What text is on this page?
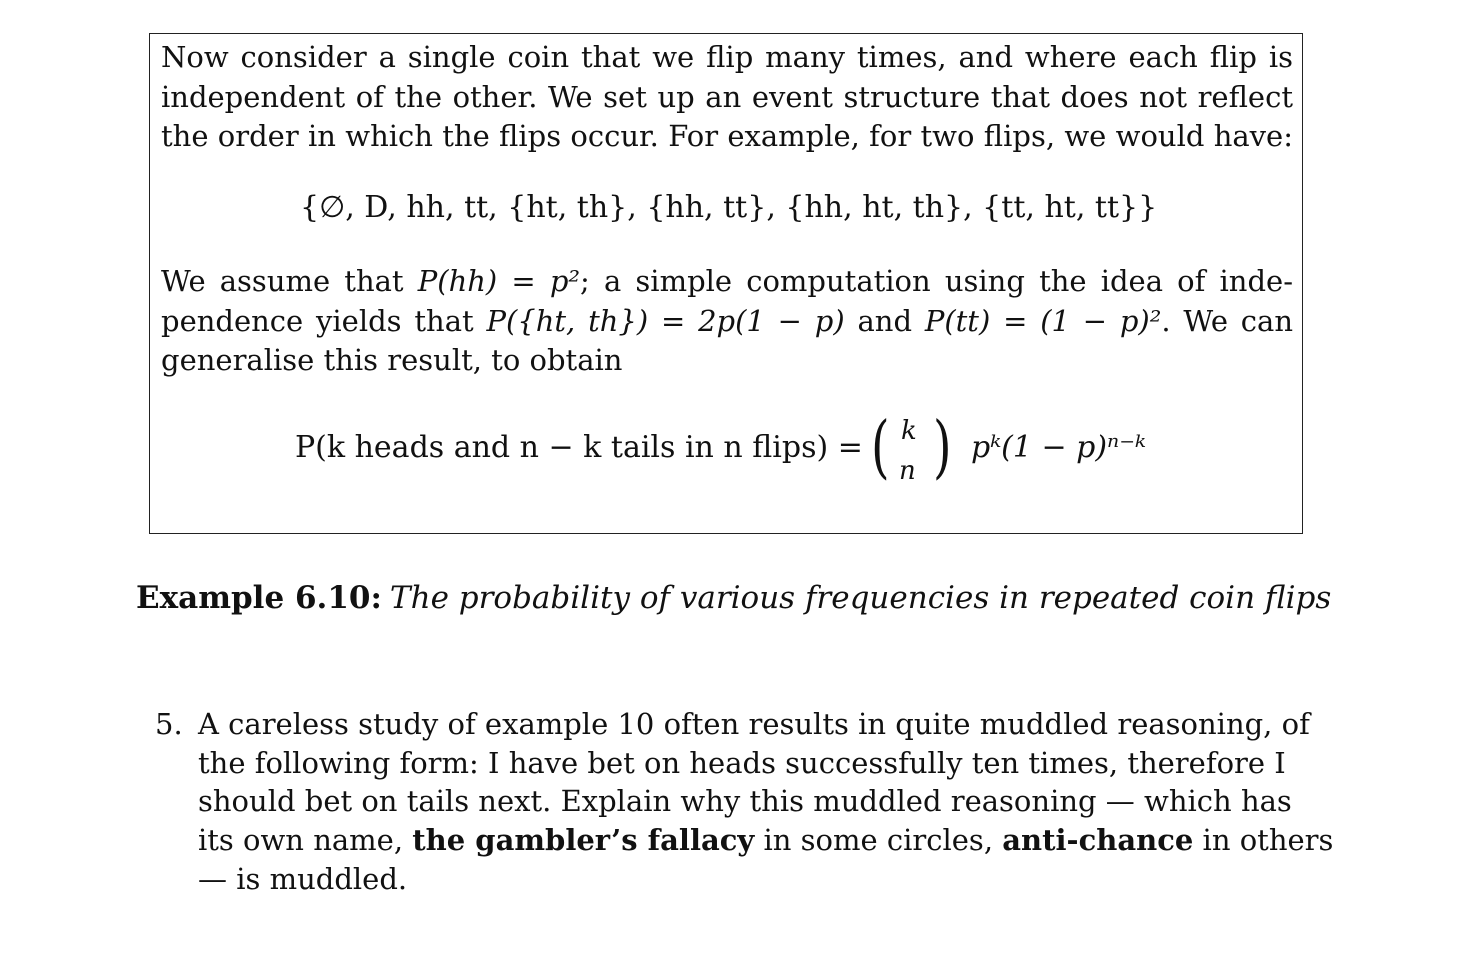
Now consider a single coin that we flip many times, and where each flip is
independent of the other. We set up an event structure that does not reflect
the order in which the flips occur. For example, for two flips, we would have:

{∅, D, hh, tt, {ht, th}, {hh, tt}, {hh, ht, th}, {tt, ht, tt}}

We assume that P(hh) = p²; a simple computation using the idea of inde-
pendence yields that P({ht, th}) = 2p(1 − p) and P(tt) = (1 − p)². We can
generalise this result, to obtain

P(k heads and n − k tails in n flips) = ( k
n ) pᵏ(1 − p)ⁿ⁻ᵏ
Example 6.10: The probability of various frequencies in repeated coin flips
5. A careless study of example 10 often results in quite muddled reasoning, of
the following form: I have bet on heads successfully ten times, therefore I
should bet on tails next. Explain why this muddled reasoning — which has
its own name, the gambler’s fallacy in some circles, anti-chance in others
— is muddled.
